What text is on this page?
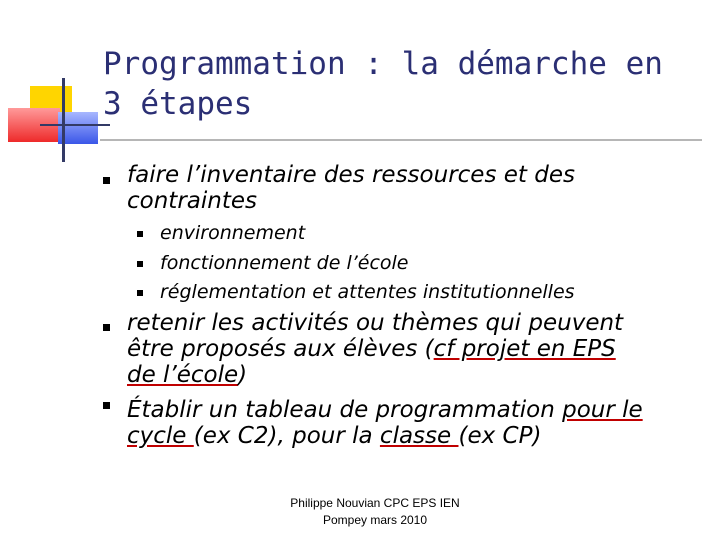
Programmation : la démarche en
3 étapes
faire l’inventaire des ressources et des
contraintes
environnement
fonctionnement de l’école
réglementation et attentes institutionnelles
retenir les activités ou thèmes qui peuvent
être proposés aux élèves (cf projet en EPS
de l’école)
Établir un tableau de programmation pour le
cycle (ex C2), pour la classe (ex CP)
Philippe Nouvian CPC EPS IEN
Pompey mars 2010
